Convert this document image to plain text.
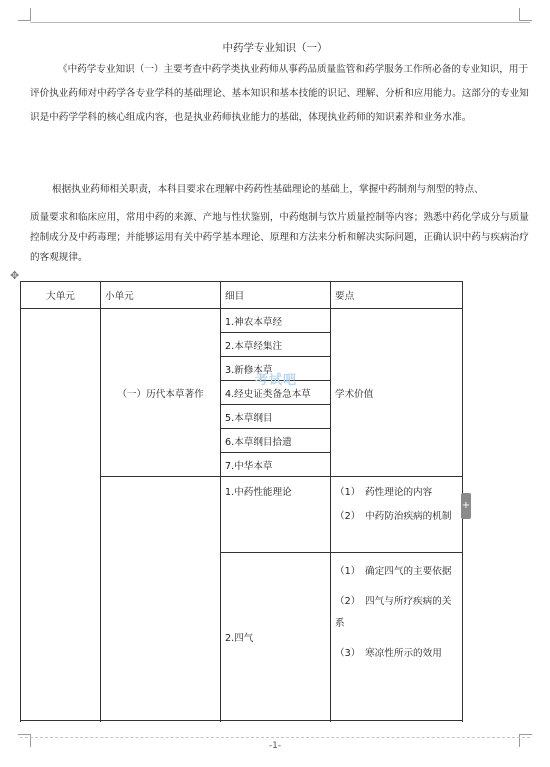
中药学专业知识（一）

《中药学专业知识（一）主要考查中药学类执业药师从事药品质量监管和药学服务工作所必备的专业知识，用于评价执业药师对中药学各专业学科的基础理论、基本知识和基本技能的识记、理解、分析和应用能力。这部分的专业知识是中药学学科的核心组成内容，也是执业药师执业能力的基础，体现执业药师的知识素养和业务水准。

根据执业药师相关职责，本科目要求在理解中药药性基础理论的基础上，掌握中药制剂与剂型的特点、

质量要求和临床应用，常用中药的来源、产地与性状鉴别，中药炮制与饮片质量控制等内容；熟悉中药化学成分与质量控制成分及中药毒理；并能够运用有关中药学基本理论、原理和方法来分析和解决实际问题，正确认识中药与疾病治疗的客观规律。

✥
大单元	小单元	细目	要点
	（一）历代本草著作	1.神农本草经	学术价值
		2.本草经集注	
		3.新修本草	
		4.经史证类备急本草	
		5.本草纲目	
		6.本草纲目拾遗	
		7.中华本草	

		1.中药性能理论	（1）　药性理论的内容
（2）　中药防治疾病的机制

		2.四气	（1）　确定四气的主要依据
（2）　四气与所疗疾病的关系
（3）　寒凉性所示的效用

考试吧
+
-1-
